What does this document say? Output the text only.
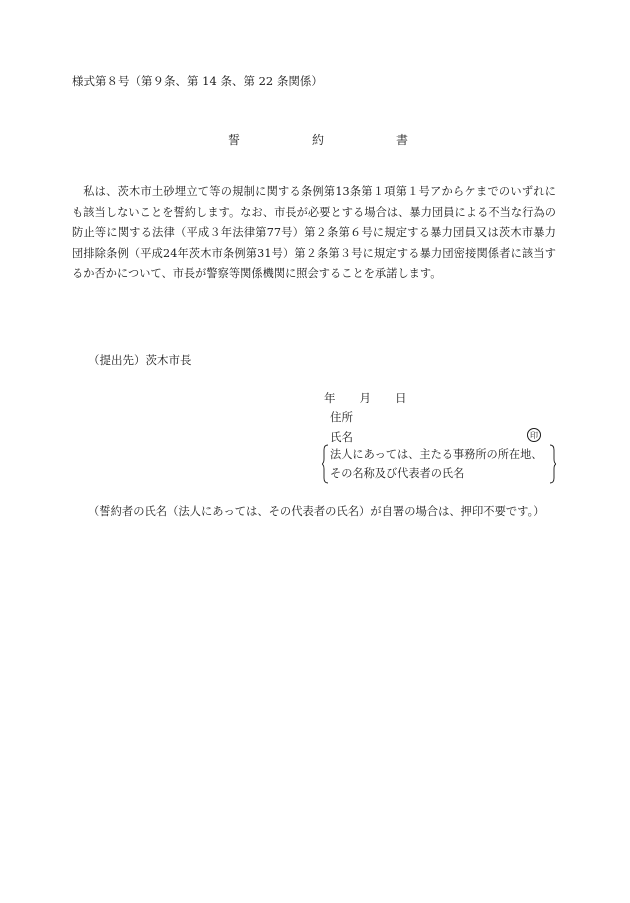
様式第８号（第９条、第 14 条、第 22 条関係）
誓	約	書
私は、茨木市土砂埋立て等の規制に関する条例第13条第１項第１号アからケまでのいずれにも該当しないことを誓約します。なお、市長が必要とする場合は、暴力団員による不当な行為の防止等に関する法律（平成３年法律第77号）第２条第６号に規定する暴力団員又は茨木市暴力団排除条例（平成24年茨木市条例第31号）第２条第３号に規定する暴力団密接関係者に該当するか否かについて、市長が警察等関係機関に照会することを承諾します。
（提出先）茨木市長
年 月 日
住所
氏名	印
法人にあっては、主たる事務所の所在地、
その名称及び代表者の氏名
（誓約者の氏名（法人にあっては、その代表者の氏名）が自署の場合は、押印不要です。）
